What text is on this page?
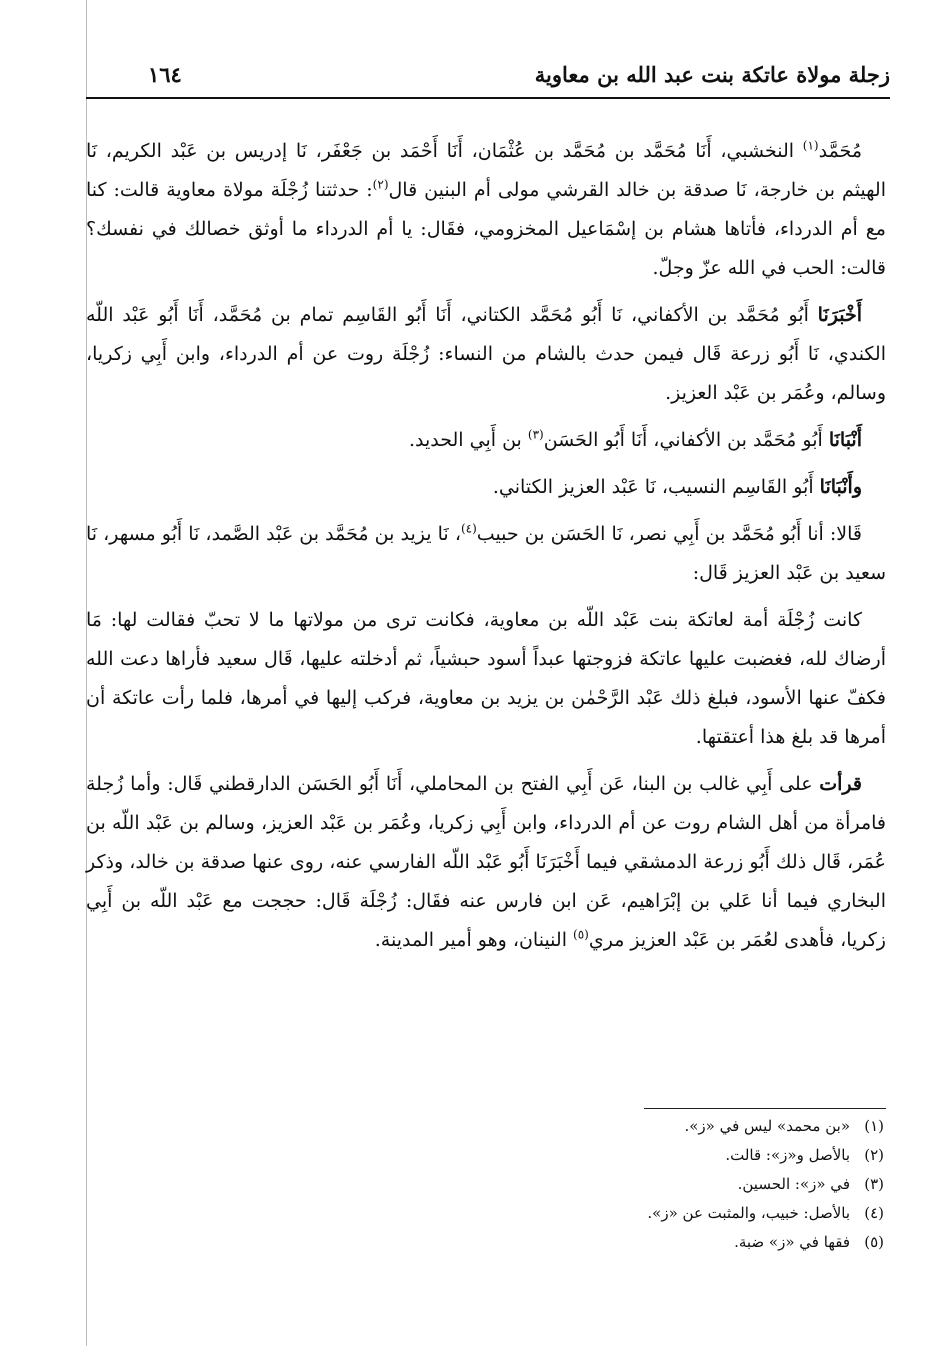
زجلة مولاة عاتكة بنت عبد الله بن معاوية
١٦٤

مُحَمَّد$^{(١)}$ النخشبي، أَنَا مُحَمَّد بن مُحَمَّد بن عُثْمَان، أَنَا أَحْمَد بن جَعْفَر، نَا إدريس بن عَبْد الكريم، نَا الهيثم بن خارجة، نَا صدقة بن خالد القرشي مولى أم البنين قال$^{(٢)}$: حدثتنا زُجْلَة مولاة معاوية قالت: كنا مع أم الدرداء، فأتاها هشام بن إسْمَاعيل المخزومي، فقَال: يا أم الدرداء ما أوثق خصالك في نفسك؟ قالت: الحب في الله عزّ وجلّ.

أَخْبَرَنَا أَبُو مُحَمَّد بن الأكفاني، نَا أَبُو مُحَمَّد الكتاني، أَنَا أَبُو القَاسِم تمام بن مُحَمَّد، أَنَا أَبُو عَبْد اللّه الكندي، نَا أَبُو زرعة قَال فيمن حدث بالشام من النساء: زُجْلَة روت عن أم الدرداء، وابن أَبِي زكريا، وسالم، وعُمَر بن عَبْد العزيز.

أَنْبَانَا أَبُو مُحَمَّد بن الأكفاني، أَنَا أَبُو الحَسَن$^{(٣)}$ بن أَبِي الحديد.

وأَنْبَانَا أَبُو القَاسِم النسيب، نَا عَبْد العزيز الكتاني.

قَالا: أنا أَبُو مُحَمَّد بن أَبِي نصر، نَا الحَسَن بن حبيب$^{(٤)}$، نَا يزيد بن مُحَمَّد بن عَبْد الصَّمد، نَا أَبُو مسهر، نَا سعيد بن عَبْد العزيز قَال:

كانت زُجْلَة أمة لعاتكة بنت عَبْد اللّه بن معاوية، فكانت ترى من مولاتها ما لا تحبّ فقالت لها: مَا أرضاك لله، فغضبت عليها عاتكة فزوجتها عبداً أسود حبشياً، ثم أدخلته عليها، قَال سعيد فأراها دعت الله فكفّ عنها الأسود، فبلغ ذلك عَبْد الرَّحْمٰن بن يزيد بن معاوية، فركب إليها في أمرها، فلما رأت عاتكة أن أمرها قد بلغ هذا أعتقتها.

قرأت على أَبِي غالب بن البنا، عَن أَبِي الفتح بن المحاملي، أَنَا أَبُو الحَسَن الدارقطني قَال: وأما زُجلة فامرأة من أهل الشام روت عن أم الدرداء، وابن أَبِي زكريا، وعُمَر بن عَبْد العزيز، وسالم بن عَبْد اللّه بن عُمَر، قَال ذلك أَبُو زرعة الدمشقي فيما أَخْبَرَنَا أَبُو عَبْد اللّه الفارسي عنه، روى عنها صدقة بن خالد، وذكر البخاري فيما أنا عَلي بن إبْرَاهيم، عَن ابن فارس عنه فقَال: زُجْلَة قَال: حججت مع عَبْد اللّه بن أَبِي زكريا، فأهدى لعُمَر بن عَبْد العزيز مري$^{(٥)}$ النينان، وهو أمير المدينة.

(١)«بن محمد» ليس في «ز».
(٢)بالأصل و«ز»: قالت.
(٣)في «ز»: الحسين.
(٤)بالأصل: خبيب، والمثبت عن «ز».
(٥)فقها في «ز» ضبة.
